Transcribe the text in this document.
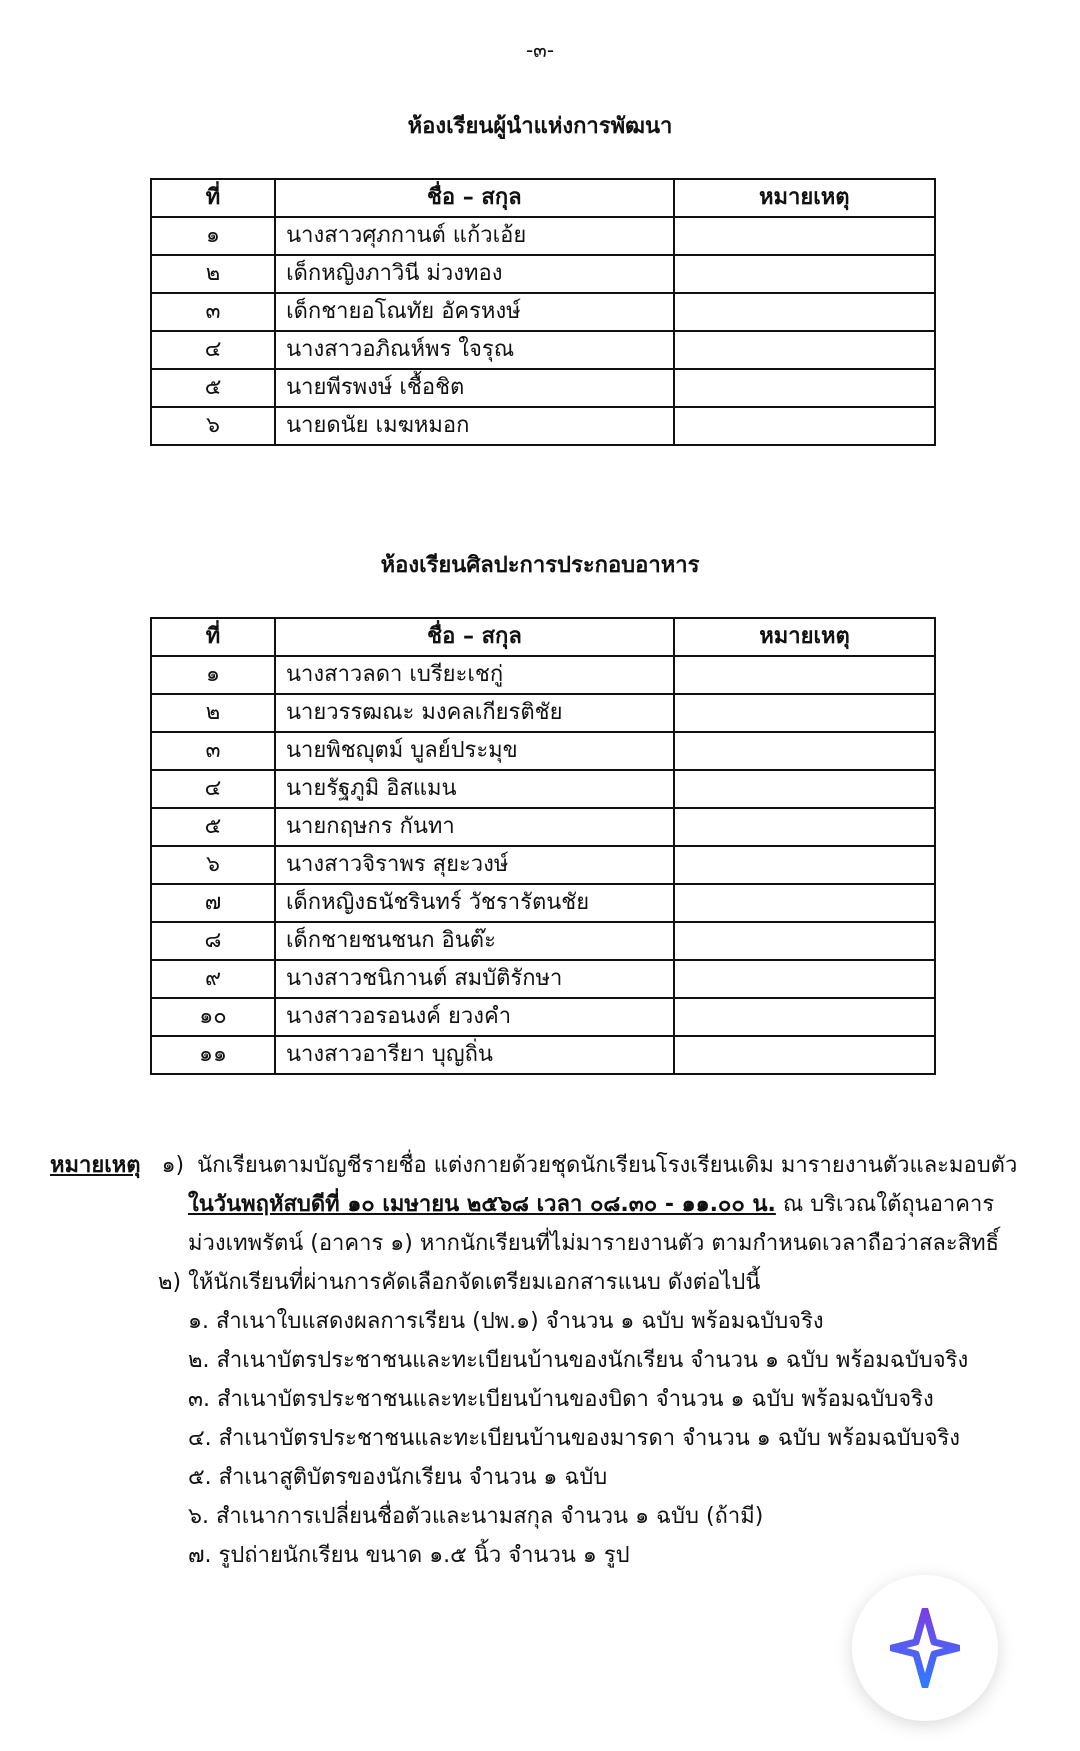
-๓-
ห้องเรียนผู้นำแห่งการพัฒนา
ที่	ชื่อ – สกุล	หมายเหตุ
๑	นางสาวศุภกานต์ แก้วเอ้ย	
๒	เด็กหญิงภาวินี ม่วงทอง	
๓	เด็กชายอโณทัย อัครหงษ์	
๔	นางสาวอภิณห์พร ใจรุณ	
๕	นายพีรพงษ์ เชื้อชิต	
๖	นายดนัย เมฆหมอก	
ห้องเรียนศิลปะการประกอบอาหาร
ที่	ชื่อ – สกุล	หมายเหตุ
๑	นางสาวลดา เบรียะเชกู่	
๒	นายวรรฒณะ มงคลเกียรติชัย	
๓	นายพิชญุตม์ บูลย์ประมุข	
๔	นายรัฐภูมิ อิสแมน	
๕	นายกฤษกร กันทา	
๖	นางสาวจิราพร สุยะวงษ์	
๗	เด็กหญิงธนัชรินทร์ วัชรารัตนชัย	
๘	เด็กชายชนชนก อินต๊ะ	
๙	นางสาวชนิกานต์ สมบัติรักษา	
๑๐	นางสาวอรอนงค์ ยวงคำ	
๑๑	นางสาวอารียา บุญถิ่น	
หมายเหตุ ๑) นักเรียนตามบัญชีรายชื่อ แต่งกายด้วยชุดนักเรียนโรงเรียนเดิม มารายงานตัวและมอบตัว
ในวันพฤหัสบดีที่ ๑๐ เมษายน ๒๕๖๘ เวลา ๐๘.๓๐ - ๑๑.๐๐ น. ณ บริเวณใต้ถุนอาคาร
ม่วงเทพรัตน์ (อาคาร ๑) หากนักเรียนที่ไม่มารายงานตัว ตามกำหนดเวลาถือว่าสละสิทธิ์
๒) ให้นักเรียนที่ผ่านการคัดเลือกจัดเตรียมเอกสารแนบ ดังต่อไปนี้
๑. สำเนาใบแสดงผลการเรียน (ปพ.๑) จำนวน ๑ ฉบับ พร้อมฉบับจริง
๒. สำเนาบัตรประชาชนและทะเบียนบ้านของนักเรียน จำนวน ๑ ฉบับ พร้อมฉบับจริง
๓. สำเนาบัตรประชาชนและทะเบียนบ้านของบิดา จำนวน ๑ ฉบับ พร้อมฉบับจริง
๔. สำเนาบัตรประชาชนและทะเบียนบ้านของมารดา จำนวน ๑ ฉบับ พร้อมฉบับจริง
๕. สำเนาสูติบัตรของนักเรียน จำนวน ๑ ฉบับ
๖. สำเนาการเปลี่ยนชื่อตัวและนามสกุล จำนวน ๑ ฉบับ (ถ้ามี)
๗. รูปถ่ายนักเรียน ขนาด ๑.๕ นิ้ว จำนวน ๑ รูป
